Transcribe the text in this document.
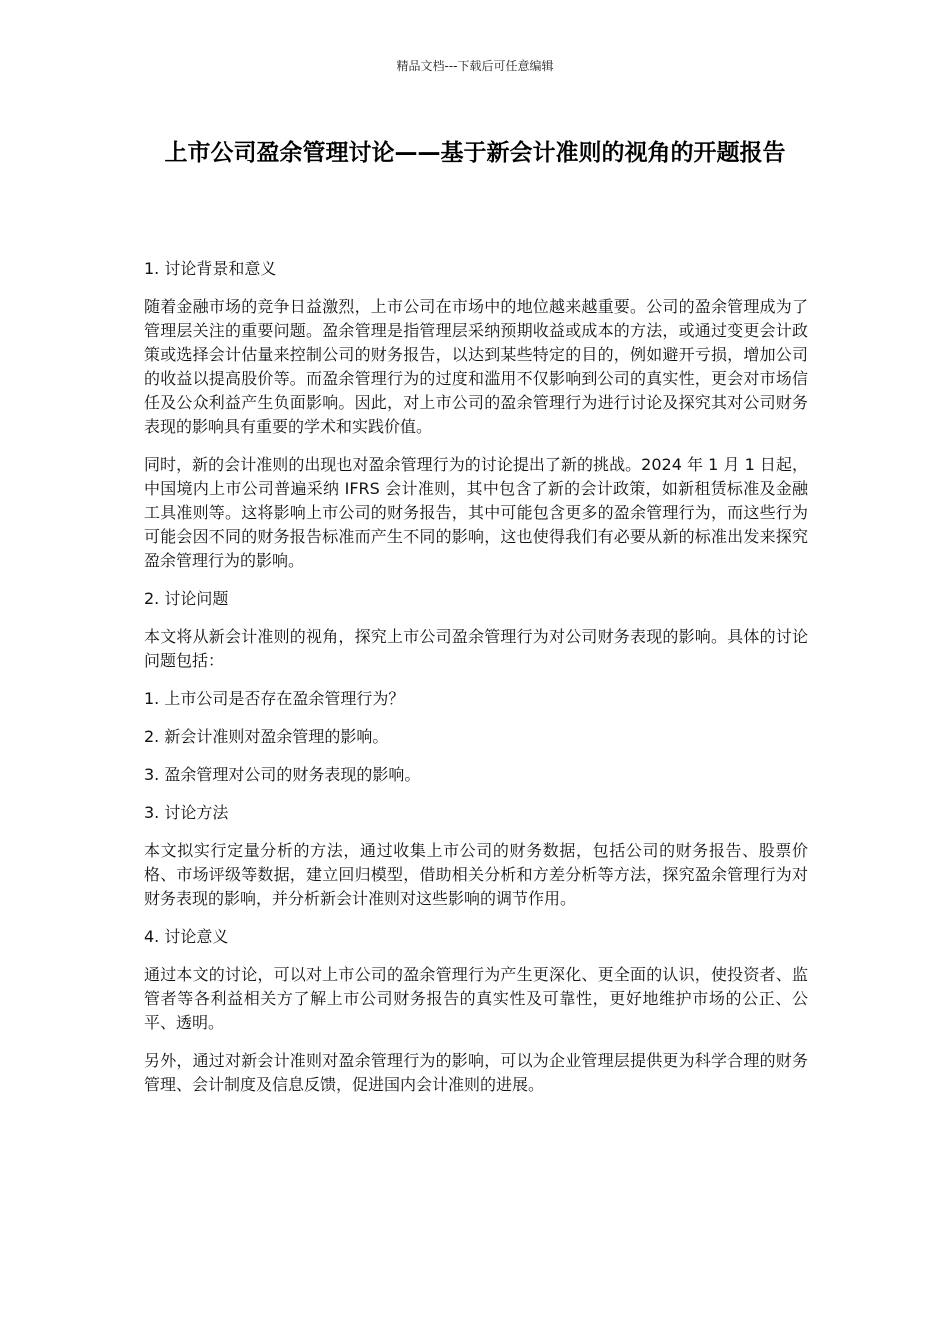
精品文档---下载后可任意编辑
上市公司盈余管理讨论——基于新会计准则的视角的开题报告

1. 讨论背景和意义

随着金融市场的竞争日益激烈，上市公司在市场中的地位越来越重要。公司的盈余管理成为了管理层关注的重要问题。盈余管理是指管理层采纳预期收益或成本的方法，或通过变更会计政策或选择会计估量来控制公司的财务报告，以达到某些特定的目的，例如避开亏损，增加公司的收益以提高股价等。而盈余管理行为的过度和滥用不仅影响到公司的真实性，更会对市场信任及公众利益产生负面影响。因此，对上市公司的盈余管理行为进行讨论及探究其对公司财务表现的影响具有重要的学术和实践价值。

同时，新的会计准则的出现也对盈余管理行为的讨论提出了新的挑战。2024 年 1 月 1 日起，中国境内上市公司普遍采纳 IFRS 会计准则，其中包含了新的会计政策，如新租赁标准及金融工具准则等。这将影响上市公司的财务报告，其中可能包含更多的盈余管理行为，而这些行为可能会因不同的财务报告标准而产生不同的影响，这也使得我们有必要从新的标准出发来探究盈余管理行为的影响。

2. 讨论问题

本文将从新会计准则的视角，探究上市公司盈余管理行为对公司财务表现的影响。具体的讨论问题包括：

1. 上市公司是否存在盈余管理行为？

2. 新会计准则对盈余管理的影响。

3. 盈余管理对公司的财务表现的影响。

3. 讨论方法

本文拟实行定量分析的方法，通过收集上市公司的财务数据，包括公司的财务报告、股票价格、市场评级等数据，建立回归模型，借助相关分析和方差分析等方法，探究盈余管理行为对财务表现的影响，并分析新会计准则对这些影响的调节作用。

4. 讨论意义

通过本文的讨论，可以对上市公司的盈余管理行为产生更深化、更全面的认识，使投资者、监管者等各利益相关方了解上市公司财务报告的真实性及可靠性，更好地维护市场的公正、公平、透明。

另外，通过对新会计准则对盈余管理行为的影响，可以为企业管理层提供更为科学合理的财务管理、会计制度及信息反馈，促进国内会计准则的进展。
